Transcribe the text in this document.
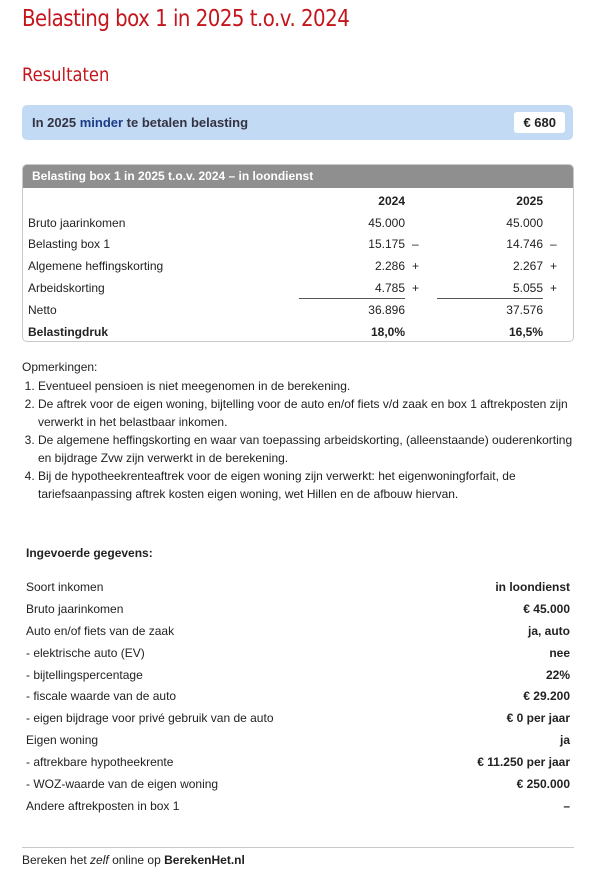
Belasting box 1 in 2025 t.o.v. 2024
Resultaten
In 2025 minder te betalen belasting	€ 680
Belasting box 1 in 2025 t.o.v. 2024 – in loondienst
	2024		2025	
Bruto jaarinkomen	45.000		45.000	
Belasting box 1	15.175	–	14.746	–
Algemene heffingskorting	2.286	+	2.267	+
Arbeidskorting	4.785	+	5.055	+
Netto	36.896		37.576	
Belastingdruk	18,0%		16,5%	
Opmerkingen:
1. Eventueel pensioen is niet meegenomen in de berekening.
2. De aftrek voor de eigen woning, bijtelling voor de auto en/of fiets v/d zaak en box 1 aftrekposten zijn verwerkt in het belastbaar inkomen.
3. De algemene heffingskorting en waar van toepassing arbeidskorting, (alleenstaande) ouderenkorting en bijdrage Zvw zijn verwerkt in de berekening.
4. Bij de hypotheekrenteaftrek voor de eigen woning zijn verwerkt: het eigenwoningforfait, de tariefsaanpassing aftrek kosten eigen woning, wet Hillen en de afbouw hiervan.
Ingevoerde gegevens:
Soort inkomen	in loondienst
Bruto jaarinkomen	€ 45.000
Auto en/of fiets van de zaak	ja, auto
- elektrische auto (EV)	nee
- bijtellingspercentage	22%
- fiscale waarde van de auto	€ 29.200
- eigen bijdrage voor privé gebruik van de auto	€ 0 per jaar
Eigen woning	ja
- aftrekbare hypotheekrente	€ 11.250 per jaar
- WOZ-waarde van de eigen woning	€ 250.000
Andere aftrekposten in box 1	–
Bereken het zelf online op BerekenHet.nl
